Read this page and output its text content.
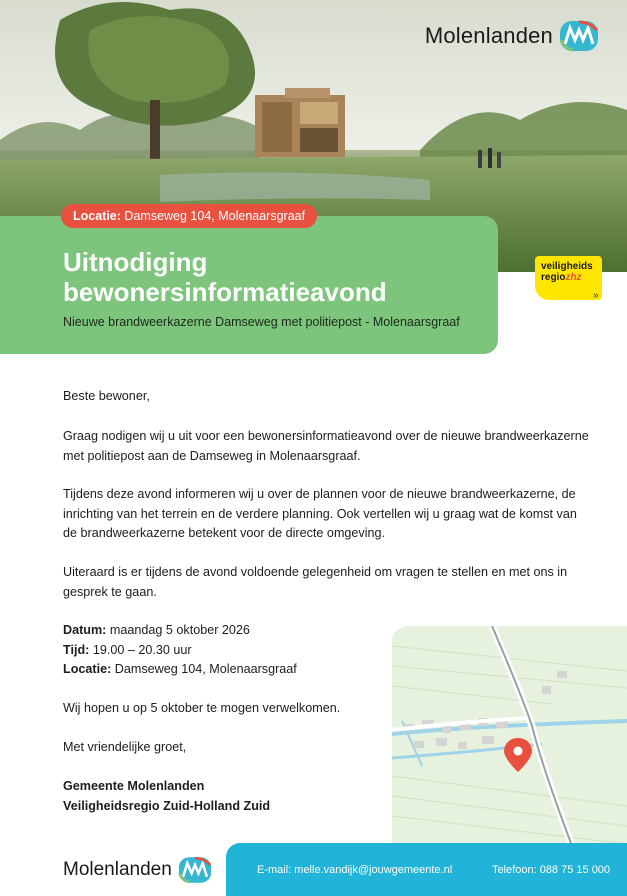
Molenlanden
Locatie: Damseweg 104, Molenaarsgraaf
Uitnodiging
bewonersinformatieavond
Nieuwe brandweerkazerne Damseweg met politiepost - Molenaarsgraaf
veiligheids
regiozhz
»

Beste bewoner,

Graag nodigen wij u uit voor een bewonersinformatieavond over de nieuwe brandweerkazerne met politiepost aan de Damseweg in Molenaarsgraaf.

Tijdens deze avond informeren wij u over de plannen voor de nieuwe brandweerkazerne, de inrichting van het terrein en de verdere planning. Ook vertellen wij u graag wat de komst van de brandweerkazerne betekent voor de directe omgeving.

Uiteraard is er tijdens de avond voldoende gelegenheid om vragen te stellen en met ons in gesprek te gaan.

Datum: maandag 5 oktober 2026
Tijd: 19.00 – 20.30 uur
Locatie: Damseweg 104, Molenaarsgraaf

Wij hopen u op 5 oktober te mogen verwelkomen.

Met vriendelijke groet,

Gemeente Molenlanden
Veiligheidsregio Zuid-Holland Zuid
Molenlanden	E-mail: melle.vandijk@jouwgemeente.nl	Telefoon: 088 75 15 000
